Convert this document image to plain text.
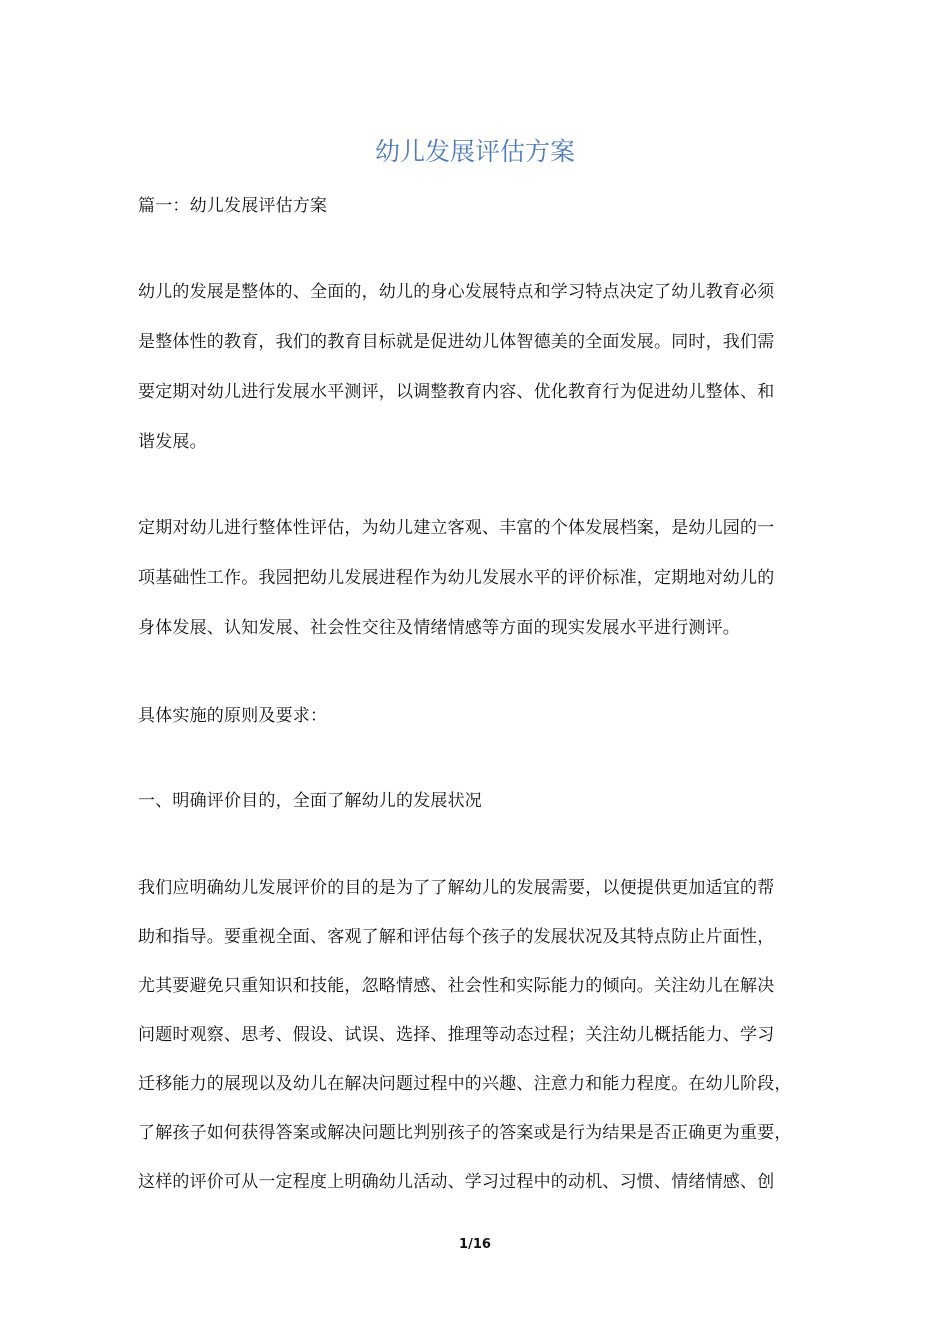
幼儿发展评估方案
篇一：幼儿发展评估方案
幼儿的发展是整体的、全面的，幼儿的身心发展特点和学习特点决定了幼儿教育必须
是整体性的教育，我们的教育目标就是促进幼儿体智德美的全面发展。同时，我们需
要定期对幼儿进行发展水平测评，以调整教育内容、优化教育行为促进幼儿整体、和
谐发展。
定期对幼儿进行整体性评估，为幼儿建立客观、丰富的个体发展档案，是幼儿园的一
项基础性工作。我园把幼儿发展进程作为幼儿发展水平的评价标准，定期地对幼儿的
身体发展、认知发展、社会性交往及情绪情感等方面的现实发展水平进行测评。
具体实施的原则及要求：
一、明确评价目的，全面了解幼儿的发展状况
我们应明确幼儿发展评价的目的是为了了解幼儿的发展需要，以便提供更加适宜的帮
助和指导。要重视全面、客观了解和评估每个孩子的发展状况及其特点防止片面性，
尤其要避免只重知识和技能，忽略情感、社会性和实际能力的倾向。关注幼儿在解决
问题时观察、思考、假设、试误、选择、推理等动态过程；关注幼儿概括能力、学习
迁移能力的展现以及幼儿在解决问题过程中的兴趣、注意力和能力程度。在幼儿阶段，
了解孩子如何获得答案或解决问题比判别孩子的答案或是行为结果是否正确更为重要，
这样的评价可从一定程度上明确幼儿活动、学习过程中的动机、习惯、情绪情感、创
1/16
